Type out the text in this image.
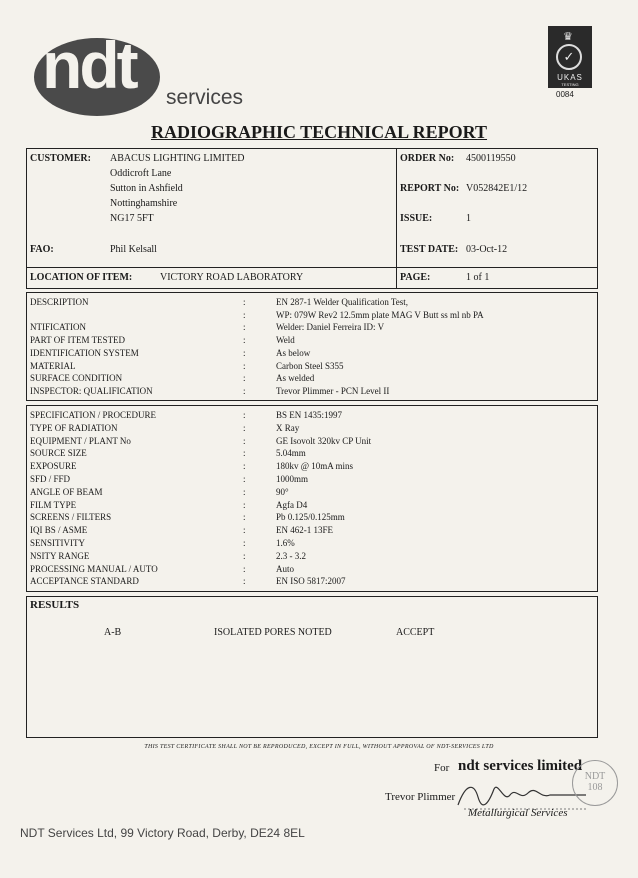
ndt services
♛
✓
UKAS
TESTING
0084
RADIOGRAPHIC TECHNICAL REPORT
CUSTOMER: ABACUS LIGHTING LIMITED
Oddicroft Lane
Sutton in Ashfield
Nottinghamshire
NG17 5FT
FAO:	Phil Kelsall
ORDER No: 4500119550
REPORT No: V052842E1/12
ISSUE:	1
TEST DATE: 03-Oct-12
LOCATION OF ITEM:	VICTORY ROAD LABORATORY	PAGE:	1 of 1
DESCRIPTION	:	EN 287-1 Welder Qualification Test,
:	WP: 079W Rev2 12.5mm plate MAG V Butt ss ml nb PA
NTIFICATION	:	Welder: Daniel Ferreira ID: V
PART OF ITEM TESTED	:	Weld
IDENTIFICATION SYSTEM	:	As below
MATERIAL	:	Carbon Steel S355
SURFACE CONDITION	:	As welded
INSPECTOR: QUALIFICATION	:	Trevor Plimmer - PCN Level II
SPECIFICATION / PROCEDURE	:	BS EN 1435:1997
TYPE OF RADIATION	:	X Ray
EQUIPMENT / PLANT No	:	GE Isovolt 320kv CP Unit
SOURCE SIZE	:	5.04mm
EXPOSURE	:	180kv @ 10mA mins
SFD / FFD	:	1000mm
ANGLE OF BEAM	:	90°
FILM TYPE	:	Agfa D4
SCREENS / FILTERS	:	Pb 0.125/0.125mm
IQI BS / ASME	:	EN 462-1 13FE
SENSITIVITY	:	1.6%
NSITY RANGE	:	2.3 - 3.2
PROCESSING MANUAL / AUTO	:	Auto
ACCEPTANCE STANDARD	:	EN ISO 5817:2007
RESULTS
A-B	ISOLATED PORES NOTED	ACCEPT
THIS TEST CERTIFICATE SHALL NOT BE REPRODUCED, EXCEPT IN FULL, WITHOUT APPROVAL OF NDT-SERVICES LTD
For ndt services limited
Trevor Plimmer
NDT
108
Metallurgical Services
NDT Services Ltd, 99 Victory Road, Derby, DE24 8EL
